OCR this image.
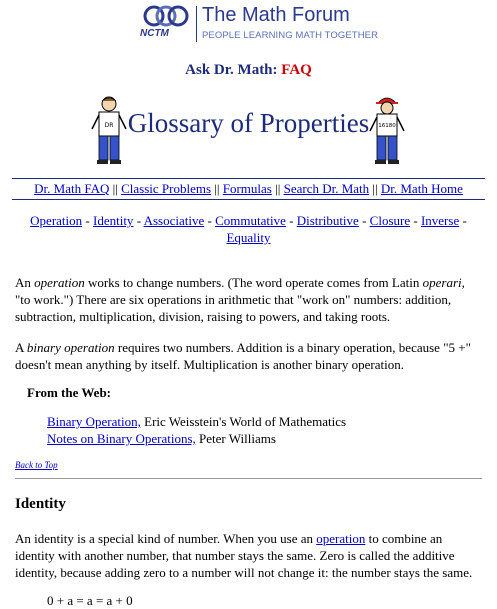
NCTM
The Math Forum
PEOPLE LEARNING MATH TOGETHER
Ask Dr. Math: FAQ
DR Glossary of Properties	16180
Dr. Math FAQ || Classic Problems || Formulas || Search Dr. Math || Dr. Math Home
Operation - Identity - Associative - Commutative - Distributive - Closure - Inverse - Equality
An operation works to change numbers. (The word operate comes from Latin operari, "to work.") There are six operations in arithmetic that "work on" numbers: addition, subtraction, multiplication, division, raising to powers, and taking roots.
A binary operation requires two numbers. Addition is a binary operation, because "5 +" doesn't mean anything by itself. Multiplication is another binary operation.
From the Web:
Binary Operation, Eric Weisstein's World of Mathematics
Notes on Binary Operations, Peter Williams
Back to Top
Identity
An identity is a special kind of number. When you use an operation to combine an identity with another number, that number stays the same. Zero is called the additive identity, because adding zero to a number will not change it: the number stays the same.
0 + a = a = a + 0
